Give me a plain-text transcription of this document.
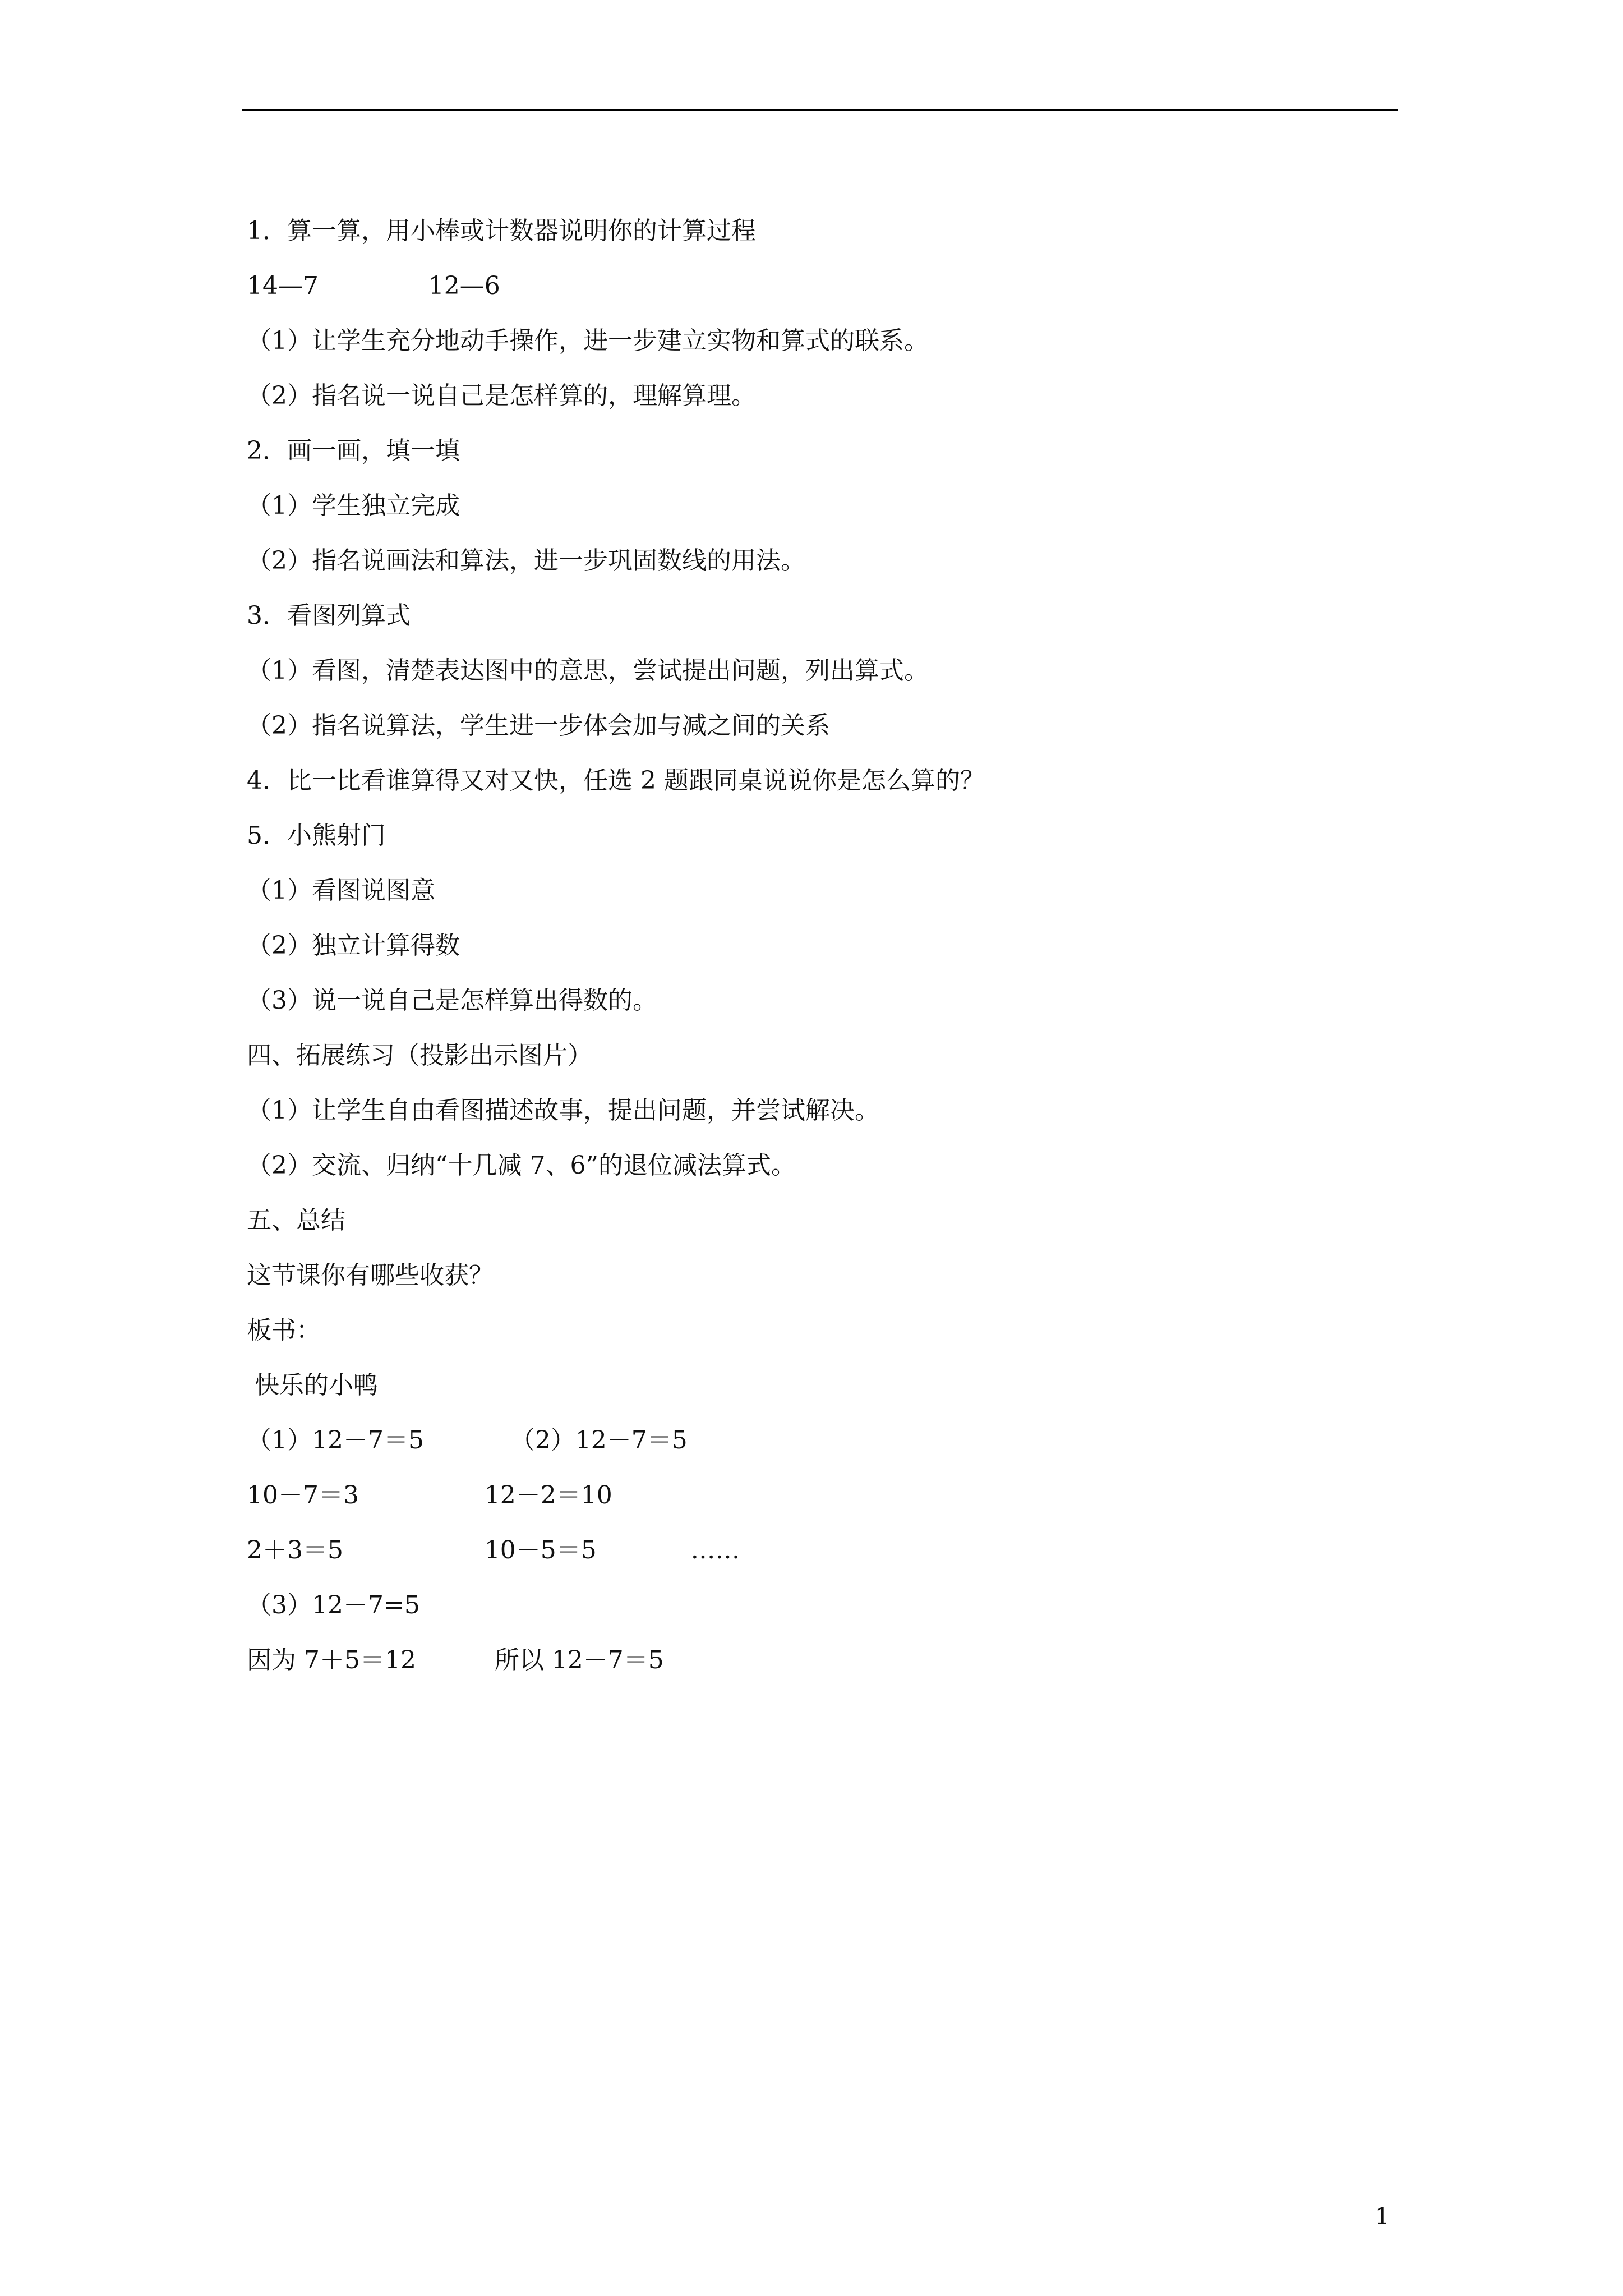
1．算一算，用小棒或计数器说明你的计算过程
14—7              12—6
（1）让学生充分地动手操作，进一步建立实物和算式的联系。
（2）指名说一说自己是怎样算的，理解算理。
2．画一画，填一填
（1）学生独立完成
（2）指名说画法和算法，进一步巩固数线的用法。
3．看图列算式
（1）看图，清楚表达图中的意思，尝试提出问题，列出算式。
（2）指名说算法，学生进一步体会加与减之间的关系
4．比一比看谁算得又对又快，任选 2 题跟同桌说说你是怎么算的？
5．小熊射门
（1）看图说图意
（2）独立计算得数
（3）说一说自己是怎样算出得数的。
四、拓展练习（投影出示图片）
（1）让学生自由看图描述故事，提出问题，并尝试解决。
（2）交流、归纳“十几减 7、6”的退位减法算式。
五、总结
这节课你有哪些收获？
板书：
快乐的小鸭
（1）12－7＝5           （2）12－7＝5
10－7＝3                12－2＝10
2＋3＝5                  10－5＝5            ……
（3）12－7=5
因为 7＋5＝12          所以 12－7＝5
1
